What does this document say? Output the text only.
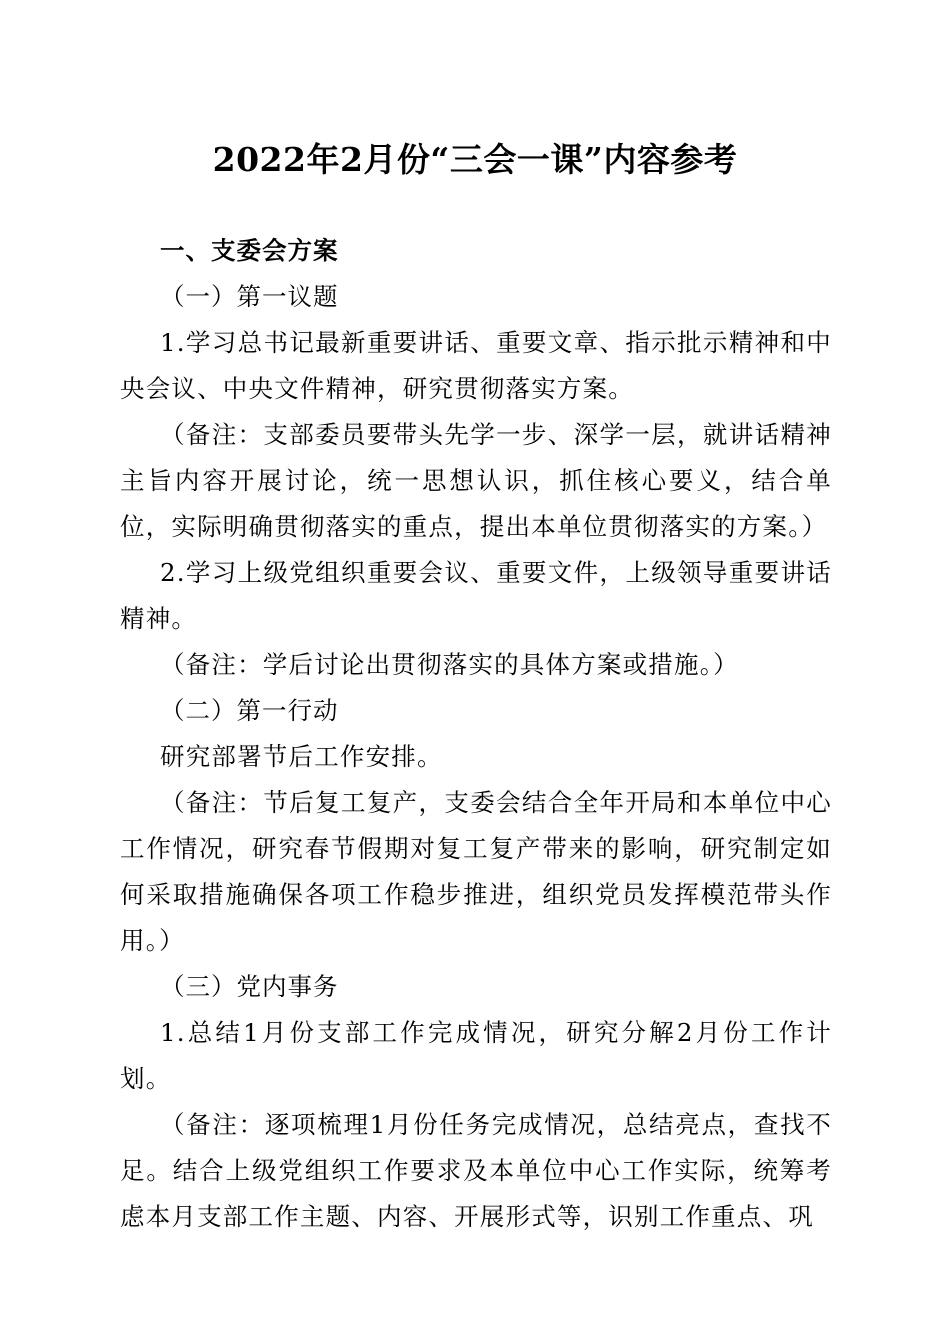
2022年2月份“三会一课”内容参考

一、支委会方案

（一）第一议题

1.学习总书记最新重要讲话、重要文章、指示批示精神和中央会议、中央文件精神，研究贯彻落实方案。

（备注：支部委员要带头先学一步、深学一层，就讲话精神主旨内容开展讨论，统一思想认识，抓住核心要义，结合单位，实际明确贯彻落实的重点，提出本单位贯彻落实的方案。）

2.学习上级党组织重要会议、重要文件，上级领导重要讲话精神。

（备注：学后讨论出贯彻落实的具体方案或措施。）

（二）第一行动

研究部署节后工作安排。

（备注：节后复工复产，支委会结合全年开局和本单位中心工作情况，研究春节假期对复工复产带来的影响，研究制定如何采取措施确保各项工作稳步推进，组织党员发挥模范带头作用。）

（三）党内事务

1.总结1月份支部工作完成情况，研究分解2月份工作计划。

（备注：逐项梳理1月份任务完成情况，总结亮点，查找不足。结合上级党组织工作要求及本单位中心工作实际，统筹考虑本月支部工作主题、内容、开展形式等，识别工作重点、巩
